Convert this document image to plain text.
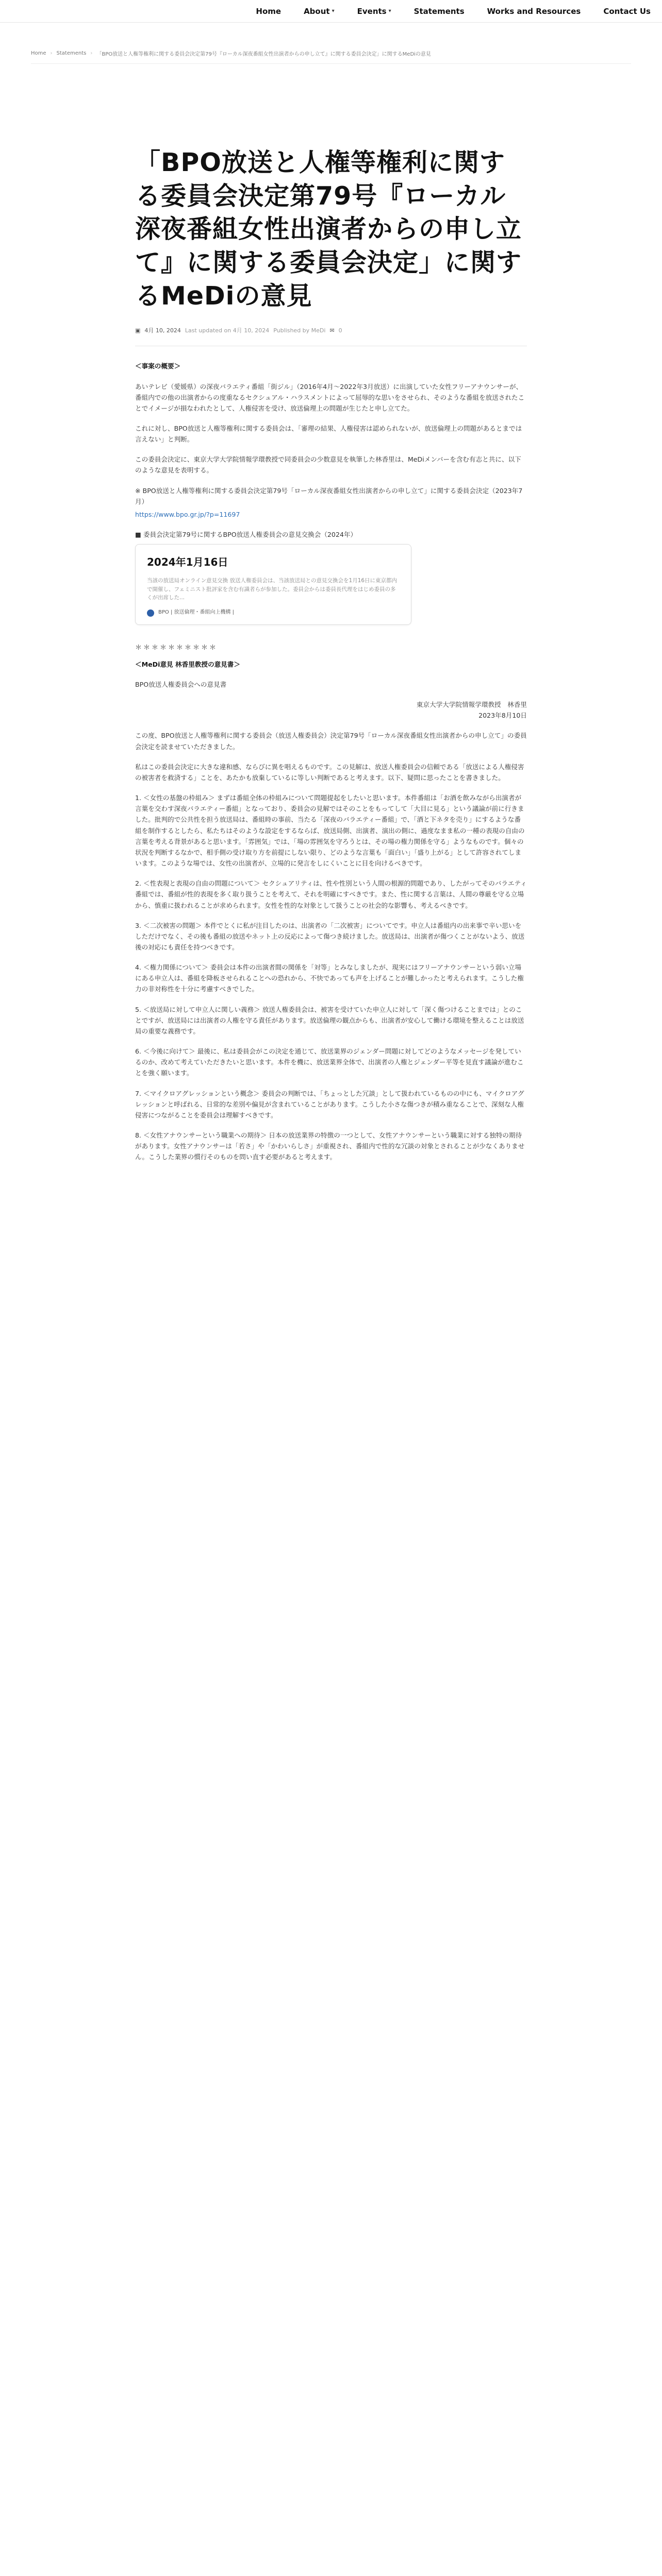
Home	About ▾	Events ▾	Statements	Works and Resources	Contact Us
Home › Statements › 「BPO放送と人権等権利に関する委員会決定第79号『ローカル深夜番組女性出演者からの申し立て』に関する委員会決定」に関するMeDiの意見
「BPO放送と人権等権利に関する委員会決定第79号『ローカル深夜番組女性出演者からの申し立て』に関する委員会決定」に関するMeDiの意見
▣ 4月 10, 2024 Last updated on 4月 10, 2024 Published by MeDi ✉ 0

＜事案の概要＞

あいテレビ（愛媛県）の深夜バラエティ番組「街ジル」（2016年4月〜2022年3月放送）に出演していた女性フリーアナウンサーが、番組内での他の出演者からの度重なるセクシュアル・ハラスメントによって屈辱的な思いをさせられ、そのような番組を放送されたことでイメージが損なわれたとして、人権侵害を受け、放送倫理上の問題が生じたと申し立てた。

これに対し、BPO放送と人権等権利に関する委員会は、「審理の結果、人権侵害は認められないが、放送倫理上の問題があるとまでは言えない」と判断。

この委員会決定に、東京大学大学院情報学環教授で同委員会の少数意見を執筆した林香里は、MeDiメンバーを含む有志と共に、以下のような意見を表明する。

※ BPO放送と人権等権利に関する委員会決定第79号「ローカル深夜番組女性出演者からの申し立て」に関する委員会決定（2023年7月）

https://www.bpo.gr.jp/?p=11697

■ 委員会決定第79号に関するBPO放送人権委員会の意見交換会（2024年）

2024年1月16日
当該の放送局オンライン意見交換 放送人権委員会は、当該放送局との意見交換会を1月16日に東京都内で開催し、フェミニスト批評家を含む有識者らが参加した。委員会からは委員長代理をはじめ委員の多くが出席した...
BPO | 放送倫理・番組向上機構 |
＊＊＊＊＊＊＊＊＊＊

＜MeDi意見 林香里教授の意見書＞

BPO放送人権委員会への意見書

東京大学大学院情報学環教授　林香里
2023年8月10日

この度、BPO放送と人権等権利に関する委員会（放送人権委員会）決定第79号「ローカル深夜番組女性出演者からの申し立て」の委員会決定を読ませていただきました。

私はこの委員会決定に大きな違和感、ならびに異を唱えるものです。この見解は、放送人権委員会の信頼である「放送による人権侵害の被害者を救済する」ことを、あたかも放棄しているに等しい判断であると考えます。以下、疑問に思ったことを書きました。

1. ＜女性の基盤の枠組み＞ まずは番組全体の枠組みについて問題提起をしたいと思います。本件番組は「お酒を飲みながら出演者が言葉を交わす深夜バラエティー番組」となっており、委員会の見解ではそのことをもってして「大目に見る」という議論が前に行きました。批判的で公共性を担う放送局は、番組時の事前、当たる「深夜のバラエティー番組」で、「酒と下ネタを売り」にするような番組を制作するとしたら、私たちはそのような設定をするならば、放送局側、出演者、演出の側に、過度なまま私の一種の表現の自由の言葉を考える背景があると思います。「雰囲気」では、「場の雰囲気を守ろうとは、その場の権力関係を守る」ようなものです。個々の状況を判断するなかで、相手側の受け取り方を前提にしない限り、どのような言葉も「面白い」「盛り上がる」として許容されてしまいます。このような場では、女性の出演者が、立場的に発言をしにくいことに目を向けるべきです。

2. ＜性表現と表現の自由の問題について＞ セクシュアリティは、性や性別という人間の根源的問題であり、したがってそのバラエティ番組では、番組が性的表現を多く取り扱うことを考えて、それを明確にすべきです。また、性に関する言葉は、人間の尊厳を守る立場から、慎重に扱われることが求められます。女性を性的な対象として扱うことの社会的な影響も、考えるべきです。

3. ＜二次被害の問題＞ 本件でとくに私が注目したのは、出演者の「二次被害」についてです。申立人は番組内の出来事で辛い思いをしただけでなく、その後も番組の放送やネット上の反応によって傷つき続けました。放送局は、出演者が傷つくことがないよう、放送後の対応にも責任を持つべきです。

4. ＜権力関係について＞ 委員会は本件の出演者間の関係を「対等」とみなしましたが、現実にはフリーアナウンサーという弱い立場にある申立人は、番組を降板させられることへの恐れから、不快であっても声を上げることが難しかったと考えられます。こうした権力の非対称性を十分に考慮すべきでした。

5. ＜放送局に対して申立人に関しい義務＞ 放送人権委員会は、被害を受けていた申立人に対して「深く傷つけることまでは」とのことですが、放送局には出演者の人権を守る責任があります。放送倫理の観点からも、出演者が安心して働ける環境を整えることは放送局の重要な義務です。

6. ＜今後に向けて＞ 最後に、私は委員会がこの決定を通じて、放送業界のジェンダー問題に対してどのようなメッセージを発しているのか、改めて考えていただきたいと思います。本件を機に、放送業界全体で、出演者の人権とジェンダー平等を見直す議論が進むことを強く願います。

7. ＜マイクロアグレッションという概念＞ 委員会の判断では、「ちょっとした冗談」として扱われているものの中にも、マイクロアグレッションと呼ばれる、日常的な差別や偏見が含まれていることがあります。こうした小さな傷つきが積み重なることで、深刻な人権侵害につながることを委員会は理解すべきです。

8. ＜女性アナウンサーという職業への期待＞ 日本の放送業界の特徴の一つとして、女性アナウンサーという職業に対する独特の期待があります。女性アナウンサーは「若さ」や「かわいらしさ」が重視され、番組内で性的な冗談の対象とされることが少なくありません。こうした業界の慣行そのものを問い直す必要があると考えます。
